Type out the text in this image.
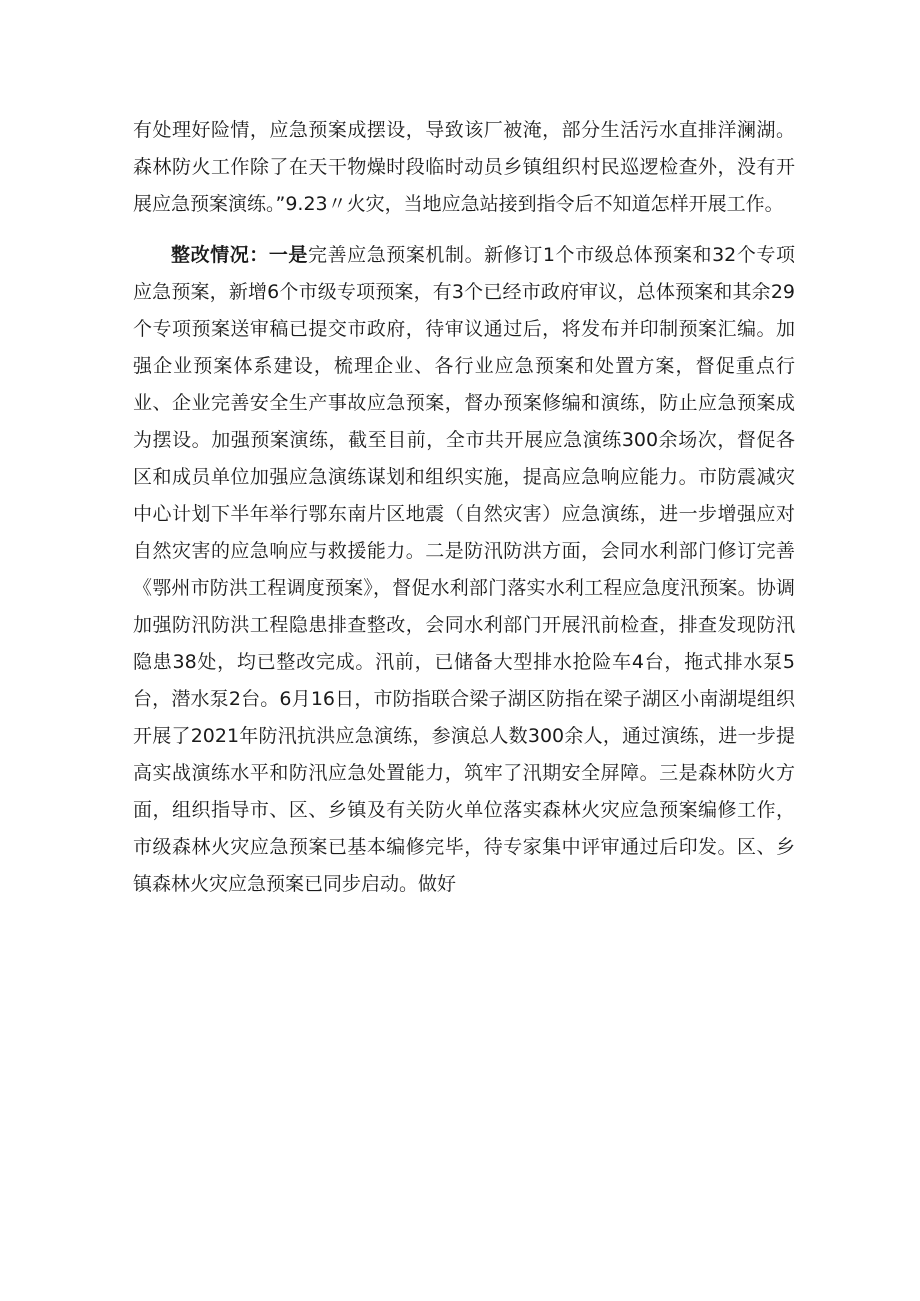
有处理好险情，应急预案成摆设，导致该厂被淹，部分生活污水直排洋澜湖。森林防火工作除了在天干物燥时段临时动员乡镇组织村民巡逻检查外，没有开展应急预案演练。”9.23〃火灾，当地应急站接到指令后不知道怎样开展工作。

整改情况：一是完善应急预案机制。新修订1个市级总体预案和32个专项应急预案，新增6个市级专项预案，有3个已经市政府审议，总体预案和其余29个专项预案送审稿已提交市政府，待审议通过后，将发布并印制预案汇编。加强企业预案体系建设，梳理企业、各行业应急预案和处置方案，督促重点行业、企业完善安全生产事故应急预案，督办预案修编和演练，防止应急预案成为摆设。加强预案演练，截至目前，全市共开展应急演练300余场次，督促各区和成员单位加强应急演练谋划和组织实施，提高应急响应能力。市防震减灾中心计划下半年举行鄂东南片区地震（自然灾害）应急演练，进一步增强应对自然灾害的应急响应与救援能力。二是防汛防洪方面，会同水利部门修订完善《鄂州市防洪工程调度预案》，督促水利部门落实水利工程应急度汛预案。协调加强防汛防洪工程隐患排查整改，会同水利部门开展汛前检查，排查发现防汛隐患38处，均已整改完成。汛前，已储备大型排水抢险车4台，拖式排水泵5台，潜水泵2台。6月16日，市防指联合梁子湖区防指在梁子湖区小南湖堤组织开展了2021年防汛抗洪应急演练，参演总人数300余人，通过演练，进一步提高实战演练水平和防汛应急处置能力，筑牢了汛期安全屏障。三是森林防火方面，组织指导市、区、乡镇及有关防火单位落实森林火灾应急预案编修工作，市级森林火灾应急预案已基本编修完毕，待专家集中评审通过后印发。区、乡镇森林火灾应急预案已同步启动。做好
